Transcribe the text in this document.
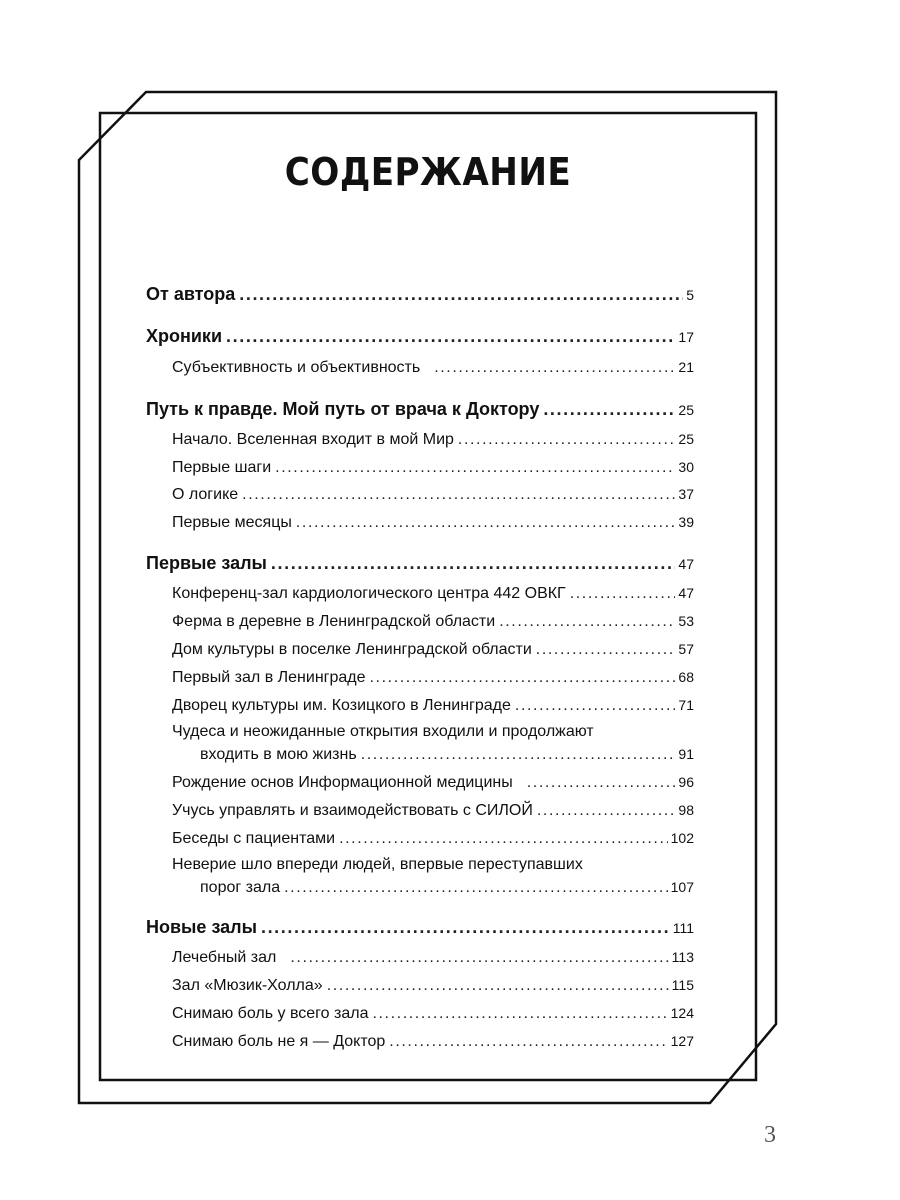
СОДЕРЖАНИЕ
От автора .....	5
Хроники .....	17
Субъективность и объективность .....	21
Путь к правде. Мой путь от врача к Доктору .....	25
Начало. Вселенная входит в мой Мир .....	25
Первые шаги .....	30
О логике .....	37
Первые месяцы .....	39
Первые залы .....	47
Конференц-зал кардиологического центра 442 ОВКГ .....	47
Ферма в деревне в Ленинградской области .....	53
Дом культуры в поселке Ленинградской области .....	57
Первый зал в Ленинграде .....	68
Дворец культуры им. Козицкого в Ленинграде .....	71
Чудеса и неожиданные открытия входили и продолжают
входить в мою жизнь .....	91
Рождение основ Информационной медицины .....	96
Учусь управлять и взаимодействовать с СИЛОЙ .....	98
Беседы с пациентами .....	102
Неверие шло впереди людей, впервые переступавших
порог зала .....	107
Новые залы .....	111
Лечебный зал .....	113
Зал «Мюзик-Холла» .....	115
Снимаю боль у всего зала .....	124
Снимаю боль не я — Доктор .....	127
3
